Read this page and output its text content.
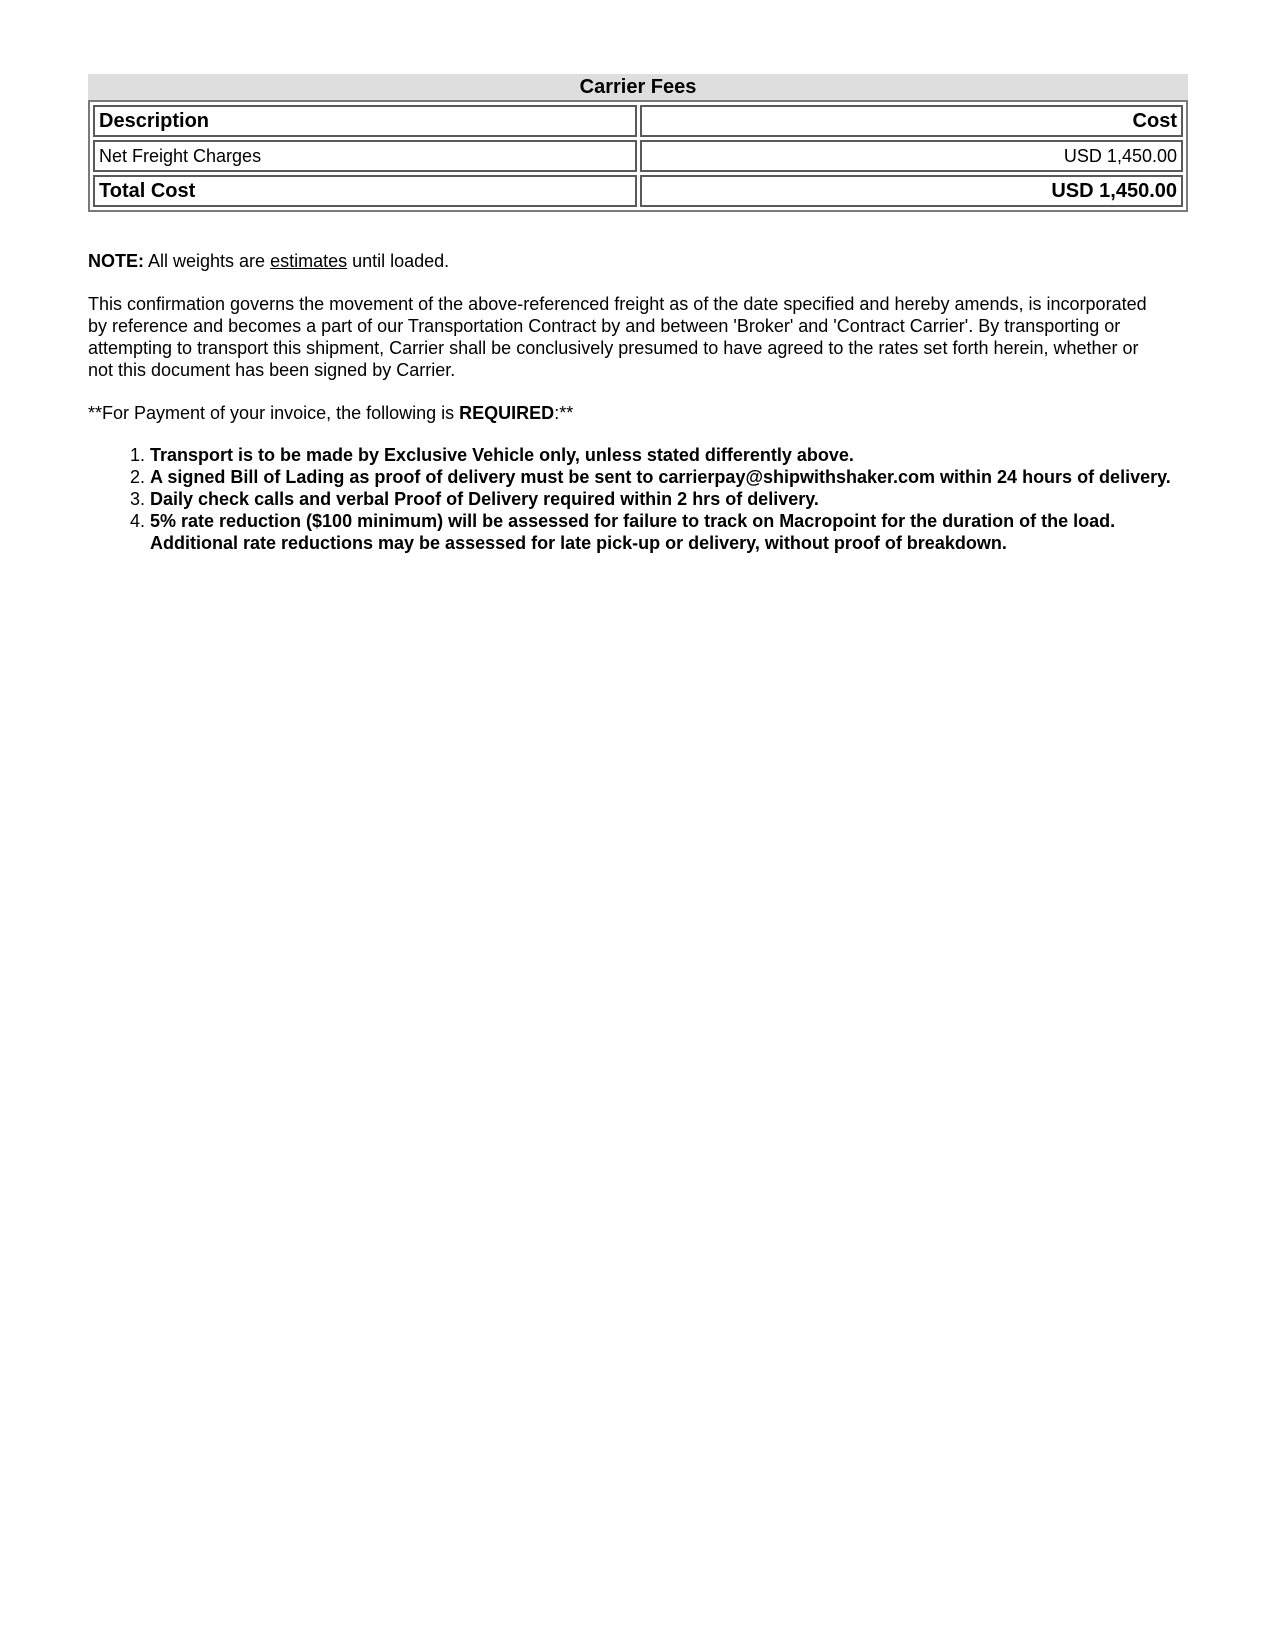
Carrier Fees
Description	Cost
Net Freight Charges	USD 1,450.00
Total Cost	USD 1,450.00
NOTE: All weights are estimates until loaded.
This confirmation governs the movement of the above-referenced freight as of the date specified and hereby amends, is incorporated by reference and becomes a part of our Transportation Contract by and between 'Broker' and 'Contract Carrier'. By transporting or attempting to transport this shipment, Carrier shall be conclusively presumed to have agreed to the rates set forth herein, whether or not this document has been signed by Carrier.
**For Payment of your invoice, the following is REQUIRED:**
1. Transport is to be made by Exclusive Vehicle only, unless stated differently above.
2. A signed Bill of Lading as proof of delivery must be sent to carrierpay@shipwithshaker.com within 24 hours of delivery.
3. Daily check calls and verbal Proof of Delivery required within 2 hrs of delivery.
4. 5% rate reduction ($100 minimum) will be assessed for failure to track on Macropoint for the duration of the load. Additional rate reductions may be assessed for late pick-up or delivery, without proof of breakdown.
